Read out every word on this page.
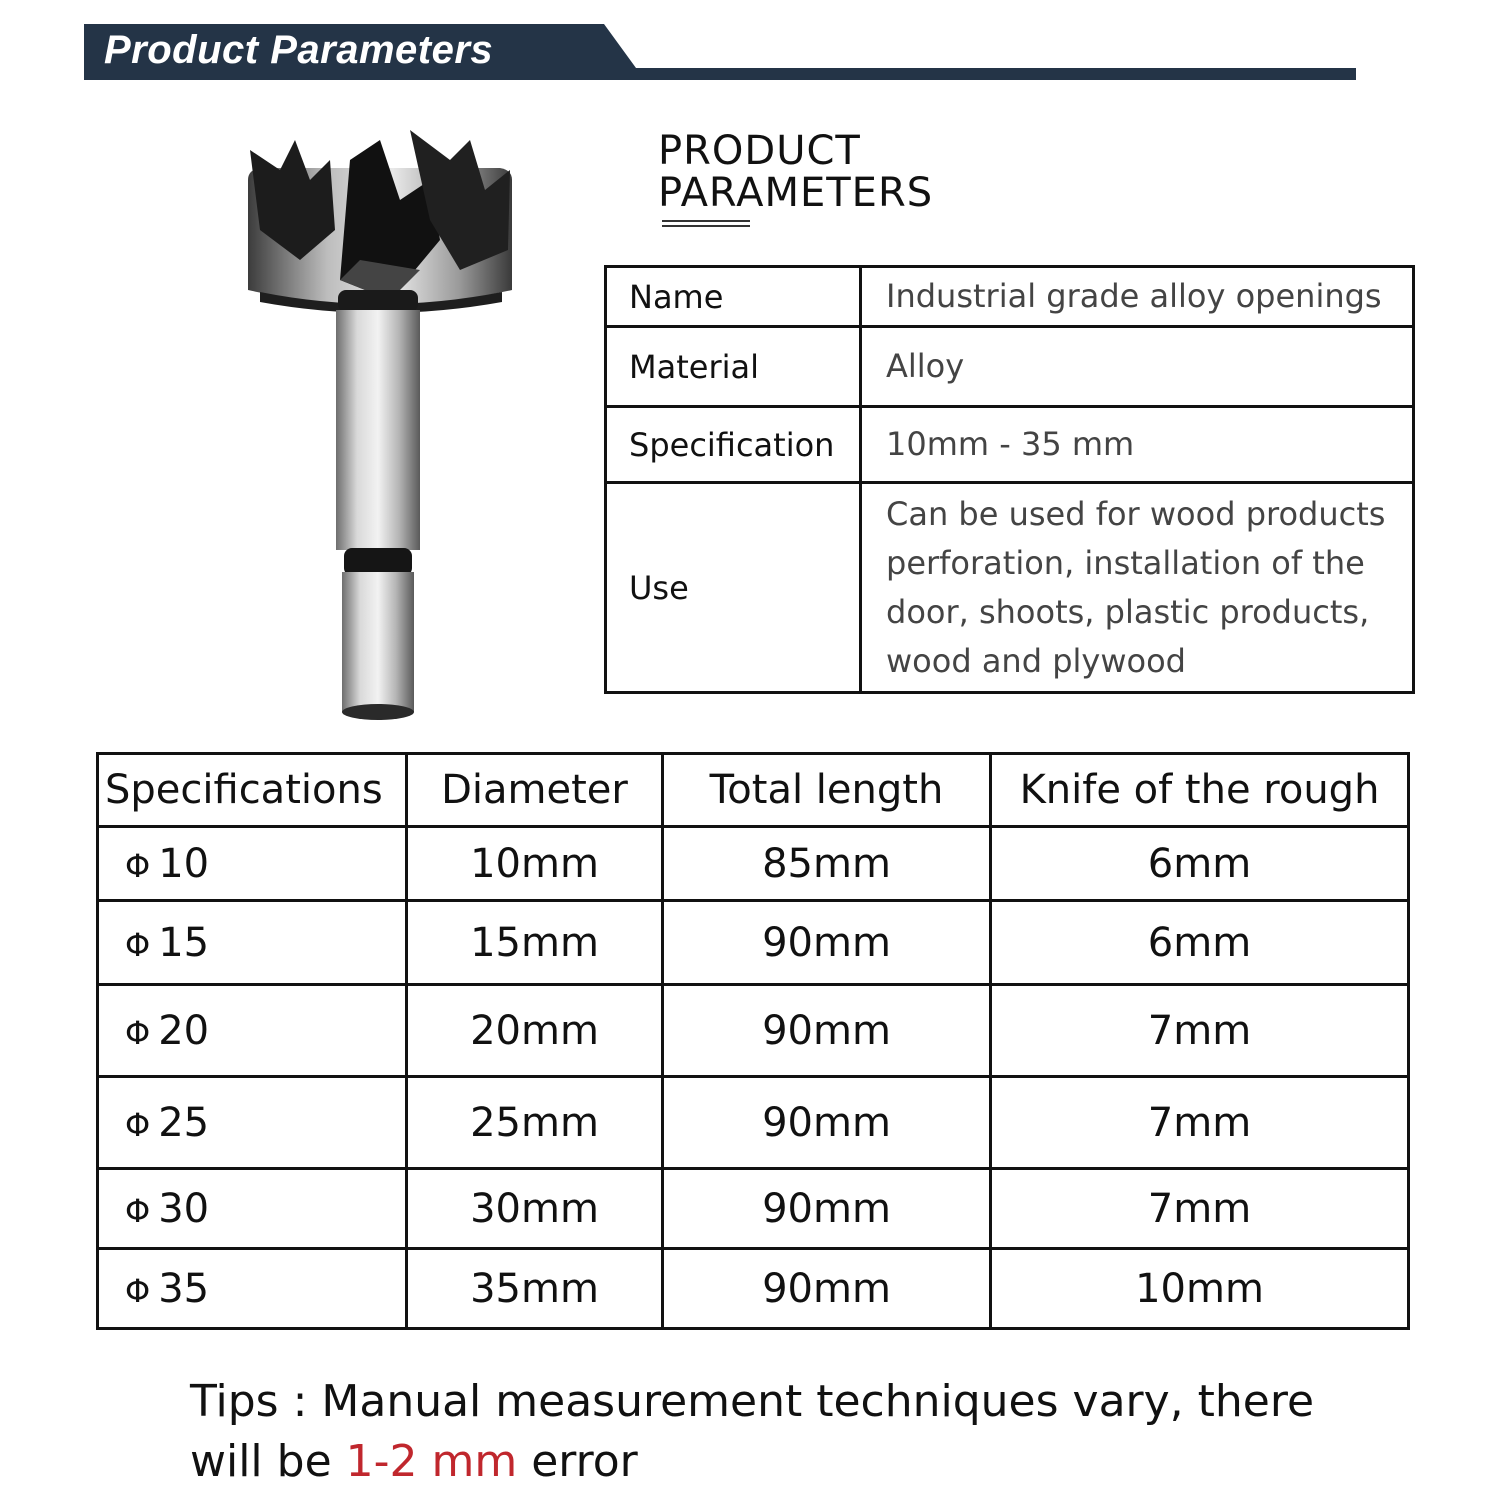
Product Parameters
PRODUCT
PARAMETERS
Name	Industrial grade alloy openings
Material	Alloy
Specification	10mm - 35 mm
Use	Can be used for wood products perforation, installation of the door, shoots, plastic products, wood and plywood
Specifications	Diameter	Total length	Knife of the rough
Φ 10	10mm	85mm	6mm
Φ 15	15mm	90mm	6mm
Φ 20	20mm	90mm	7mm
Φ 25	25mm	90mm	7mm
Φ 30	30mm	90mm	7mm
Φ 35	35mm	90mm	10mm
Tips : Manual measurement techniques vary, there will be 1-2 mm error
